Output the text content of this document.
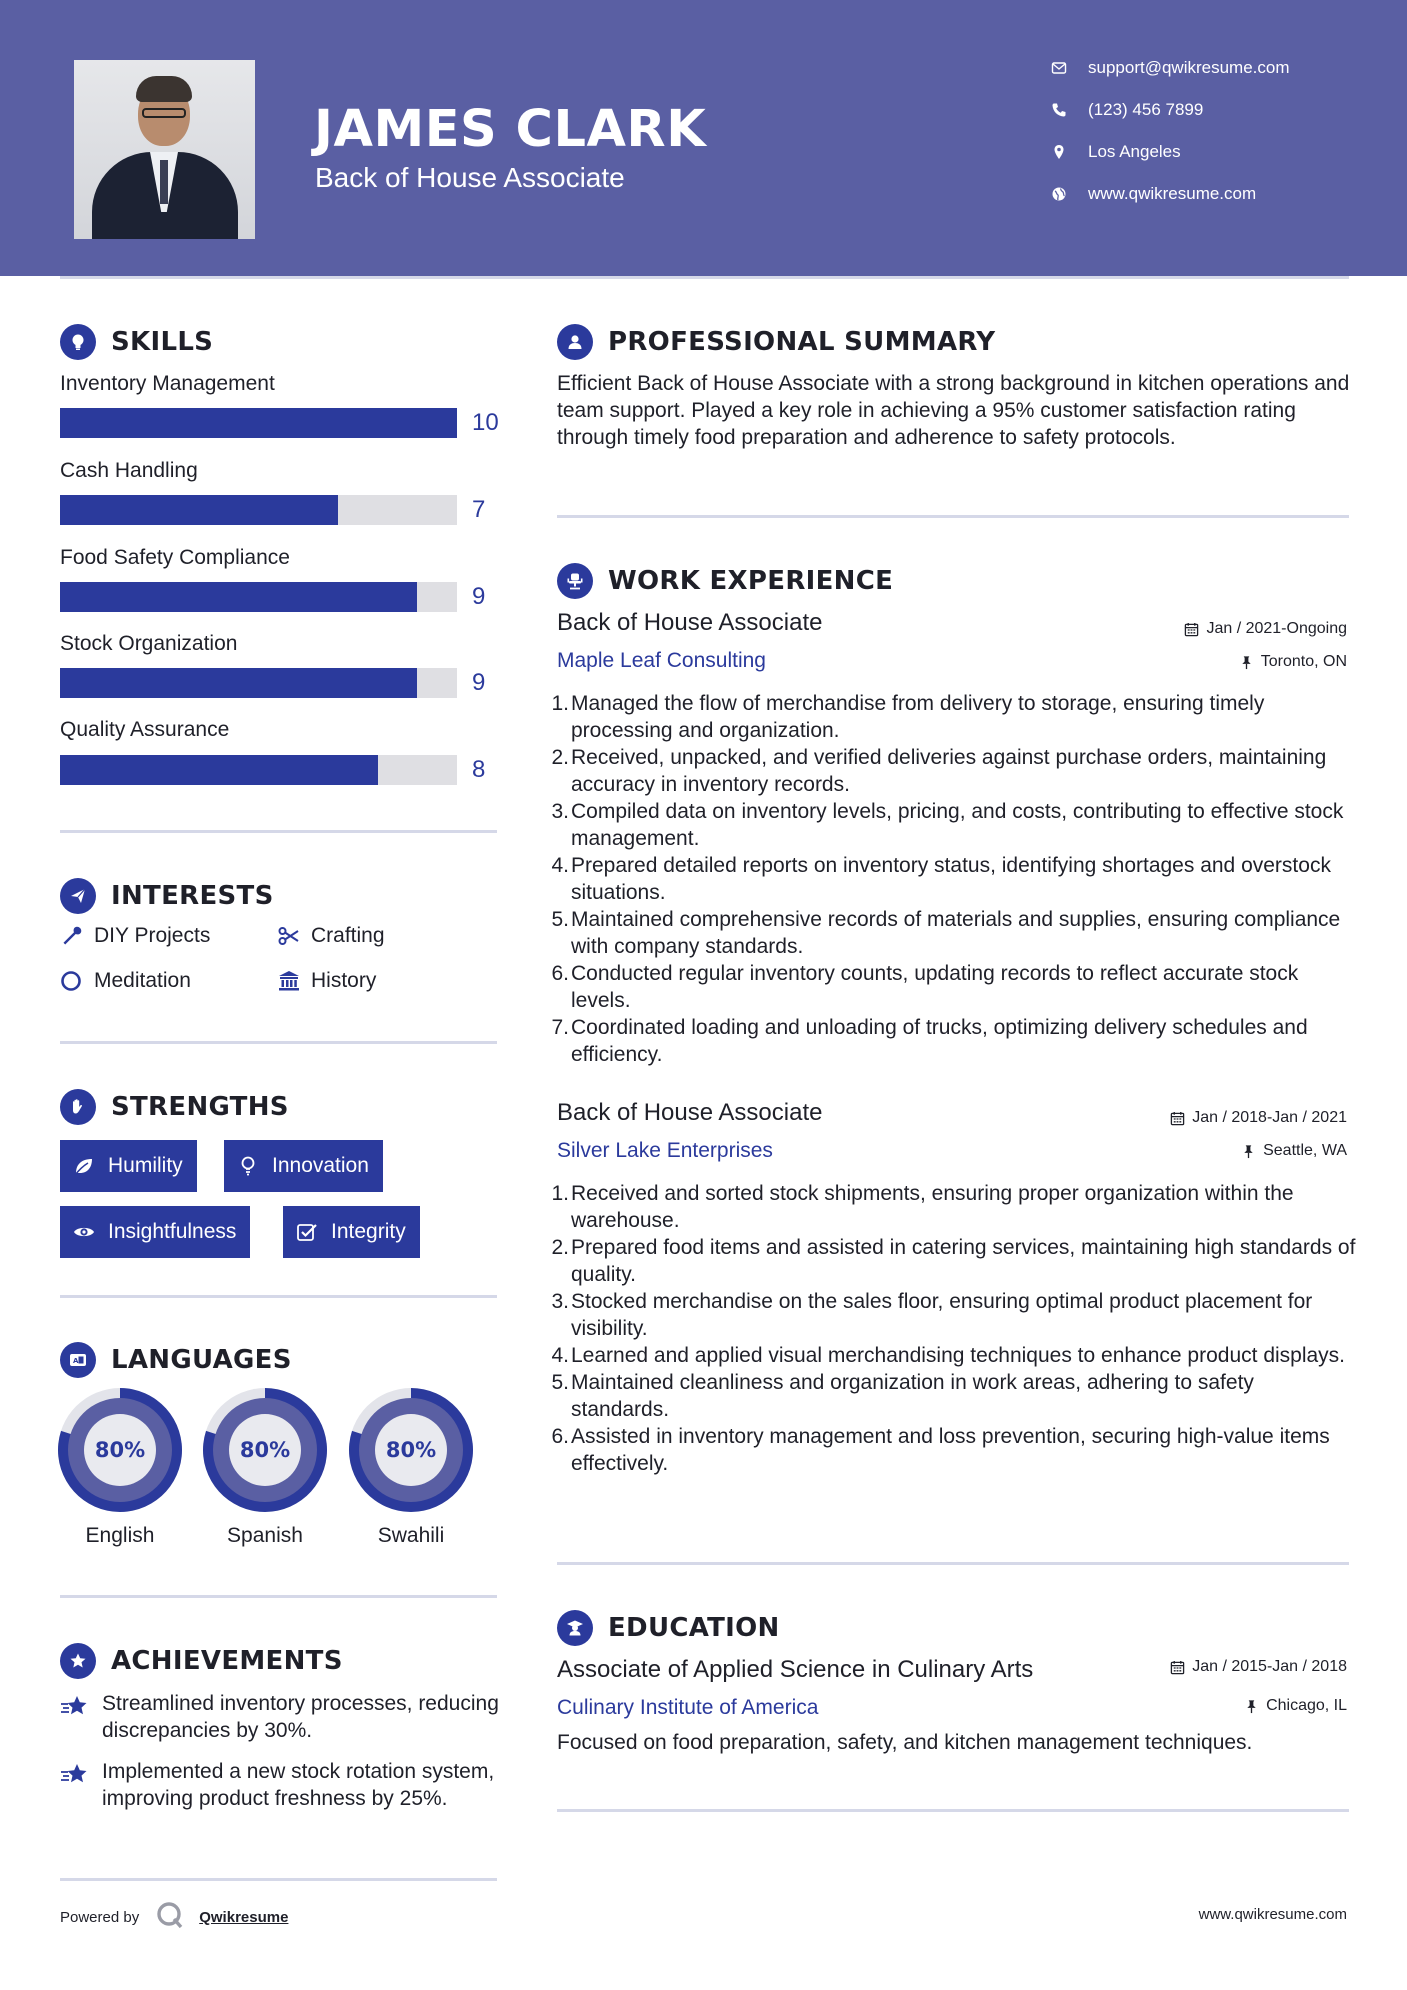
JAMES CLARK
Back of House Associate
support@qwikresume.com
(123) 456 7899
Los Angeles
www.qwikresume.com
SKILLS
Inventory Management
10
Cash Handling
7
Food Safety Compliance
9
Stock Organization
9
Quality Assurance
8
INTERESTS
DIY Projects	Crafting
Meditation	History
STRENGTHS
Humility	Innovation
Insightfulness	Integrity
A LANGUAGES
80%
English
80%
Spanish
80%
Swahili
ACHIEVEMENTS
Streamlined inventory processes, reducing discrepancies by 30%.
Implemented a new stock rotation system, improving product freshness by 25%.
PROFESSIONAL SUMMARY
Efficient Back of House Associate with a strong background in kitchen operations and team support. Played a key role in achieving a 95% customer satisfaction rating through timely food preparation and adherence to safety protocols.
WORK EXPERIENCE
Back of House Associate	Jan / 2021-Ongoing
Maple Leaf Consulting	Toronto, ON
1. Managed the flow of merchandise from delivery to storage, ensuring timely processing and organization.
2. Received, unpacked, and verified deliveries against purchase orders, maintaining accuracy in inventory records.
3. Compiled data on inventory levels, pricing, and costs, contributing to effective stock management.
4. Prepared detailed reports on inventory status, identifying shortages and overstock situations.
5. Maintained comprehensive records of materials and supplies, ensuring compliance with company standards.
6. Conducted regular inventory counts, updating records to reflect accurate stock levels.
7. Coordinated loading and unloading of trucks, optimizing delivery schedules and efficiency.
Back of House Associate	Jan / 2018-Jan / 2021
Silver Lake Enterprises	Seattle, WA
1. Received and sorted stock shipments, ensuring proper organization within the warehouse.
2. Prepared food items and assisted in catering services, maintaining high standards of quality.
3. Stocked merchandise on the sales floor, ensuring optimal product placement for visibility.
4. Learned and applied visual merchandising techniques to enhance product displays.
5. Maintained cleanliness and organization in work areas, adhering to safety standards.
6. Assisted in inventory management and loss prevention, securing high-value items effectively.
EDUCATION
Associate of Applied Science in Culinary Arts	Jan / 2015-Jan / 2018
Culinary Institute of America	Chicago, IL
Focused on food preparation, safety, and kitchen management techniques.
Powered by	Qwikresume	www.qwikresume.com
